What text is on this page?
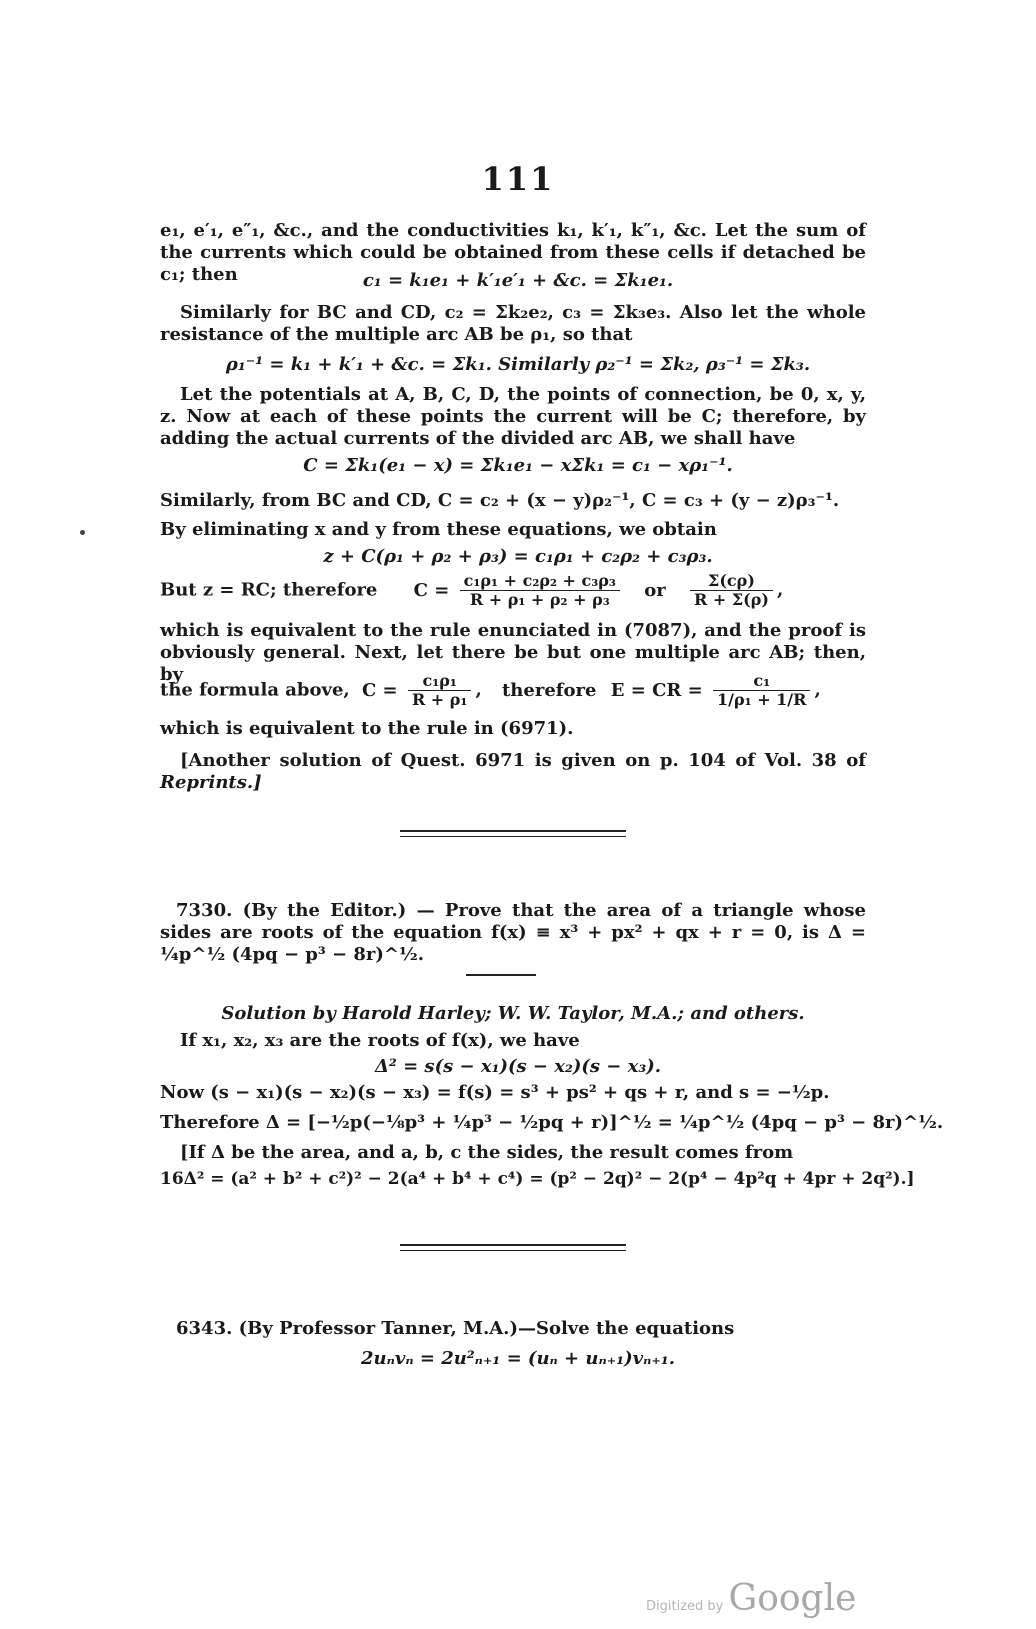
111
e₁, e′₁, e″₁, &c., and the conductivities k₁, k′₁, k″₁, &c. Let the sum of the currents which could be obtained from these cells if detached be c₁; then	c₁ = k₁e₁ + k′₁e′₁ + &c. = Σk₁e₁.
Similarly for BC and CD, c₂ = Σk₂e₂, c₃ = Σk₃e₃. Also let the whole resistance of the multiple arc AB be ρ₁, so that
ρ₁⁻¹ = k₁ + k′₁ + &c. = Σk₁. Similarly ρ₂⁻¹ = Σk₂, ρ₃⁻¹ = Σk₃.
Let the potentials at A, B, C, D, the points of connection, be 0, x, y, z. Now at each of these points the current will be C; therefore, by adding the actual currents of the divided arc AB, we shall have
C = Σk₁(e₁ − x) = Σk₁e₁ − xΣk₁ = c₁ − xρ₁⁻¹.
Similarly, from BC and CD, C = c₂ + (x − y)ρ₂⁻¹, C = c₃ + (y − z)ρ₃⁻¹.
By eliminating x and y from these equations, we obtain
z + C(ρ₁ + ρ₂ + ρ₃) = c₁ρ₁ + c₂ρ₂ + c₃ρ₃.
But z = RC; therefore $C = \frac{\text{c₁ρ₁ + c₂ρ₂ + c₃ρ₃}}{\text{R + ρ₁ + ρ₂ + ρ₃}}$ or $\frac{\Sigma(c\rho)}{R + \Sigma(\rho)}$ ,
which is equivalent to the rule enunciated in (7087), and the proof is obviously general. Next, let there be but one multiple arc AB; then, by
the formula above, $C = \frac{\text{c₁ρ₁}}{\text{R + ρ₁}}$ , therefore E = CR = $\frac{\text{c₁}}{\text{1/ρ₁ + 1/R}}$ ,
which is equivalent to the rule in (6971).
[Another solution of Quest. 6971 is given on p. 104 of Vol. 38 of Reprints.]
7330. (By the Editor.) — Prove that the area of a triangle whose sides are roots of the equation f(x) ≡ x³ + px² + qx + r = 0, is Δ = ¼p^½ (4pq − p³ − 8r)^½.
Solution by Harold Harley; W. W. Taylor, M.A.; and others.
If x₁, x₂, x₃ are the roots of f(x), we have
Δ² = s(s − x₁)(s − x₂)(s − x₃).
Now (s − x₁)(s − x₂)(s − x₃) = f(s) = s³ + ps² + qs + r, and s = −½p.
Therefore Δ = [−½p(−⅛p³ + ¼p³ − ½pq + r)]^½ = ¼p^½ (4pq − p³ − 8r)^½.
[If Δ be the area, and a, b, c the sides, the result comes from
16Δ² = (a² + b² + c²)² − 2(a⁴ + b⁴ + c⁴) = (p² − 2q)² − 2(p⁴ − 4p²q + 4pr + 2q²).]
6343. (By Professor Tanner, M.A.)—Solve the equations
2uₙvₙ = 2u²ₙ₊₁ = (uₙ + uₙ₊₁)vₙ₊₁.
Digitized by Google
